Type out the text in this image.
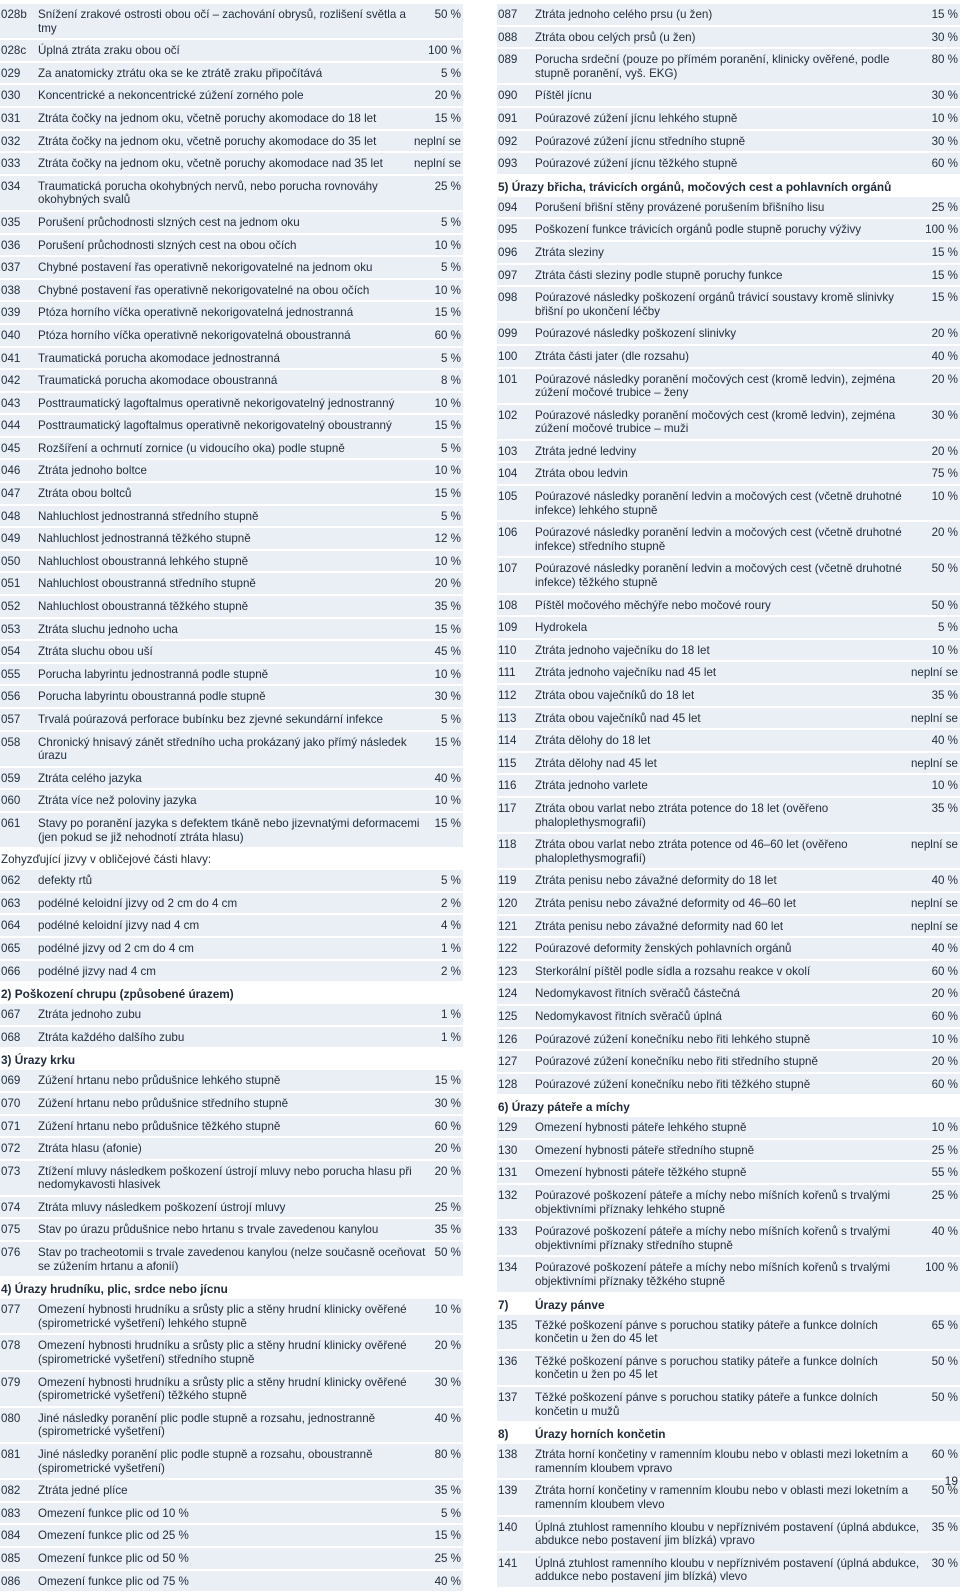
028b Snížení zrakové ostrosti obou očí – zachování obrysů, rozlišení světla a tmy
50 %
028c	Úplná ztráta zraku obou očí	100 %
029	Za anatomicky ztrátu oka se ke ztrátě zraku připočítává	5 %
030	Koncentrické a nekoncentrické zúžení zorného pole	20 %
031	Ztráta čočky na jednom oku, včetně poruchy akomodace do 18 let	15 %
032	Ztráta čočky na jednom oku, včetně poruchy akomodace do 35 let	neplní se
033	Ztráta čočky na jednom oku, včetně poruchy akomodace nad 35 let	neplní se
034	Traumatická porucha okohybných nervů, nebo porucha rovnováhy okohybných svalů
25 %
035	Porušení průchodnosti slzných cest na jednom oku	5 %
036	Porušení průchodnosti slzných cest na obou očích	10 %
037	Chybné postavení řas operativně nekorigovatelné na jednom oku	5 %
038	Chybné postavení řas operativně nekorigovatelné na obou očích	10 %
039	Ptóza horního víčka operativně nekorigovatelná jednostranná	15 %
040	Ptóza horního víčka operativně nekorigovatelná oboustranná	60 %
041	Traumatická porucha akomodace jednostranná	5 %
042	Traumatická porucha akomodace oboustranná	8 %
043	Posttraumatický lagoftalmus operativně nekorigovatelný jednostranný	10 %
044	Posttraumatický lagoftalmus operativně nekorigovatelný oboustranný	15 %
045	Rozšíření a ochrnutí zornice (u vidoucího oka) podle stupně	5 %
046	Ztráta jednoho boltce	10 %
047	Ztráta obou boltců	15 %
048	Nahluchlost jednostranná středního stupně	5 %
049	Nahluchlost jednostranná těžkého stupně	12 %
050	Nahluchlost oboustranná lehkého stupně	10 %
051	Nahluchlost oboustranná středního stupně	20 %
052	Nahluchlost oboustranná těžkého stupně	35 %
053	Ztráta sluchu jednoho ucha	15 %
054	Ztráta sluchu obou uší	45 %
055	Porucha labyrintu jednostranná podle stupně	10 %
056	Porucha labyrintu oboustranná podle stupně	30 %
057	Trvalá poúrazová perforace bubínku bez zjevné sekundární infekce	5 %
058	Chronický hnisavý zánět středního ucha prokázaný jako přímý následek úrazu
15 %
059	Ztráta celého jazyka	40 %
060	Ztráta více než poloviny jazyka	10 %
061	Stavy po poranění jazyka s defektem tkáně nebo jizevnatými deformacemi (jen pokud se již nehodnotí ztráta hlasu)
15 %
Zohyzďující jizvy v obličejové části hlavy:
062	defekty rtů	5 %
063	podélné keloidní jizvy od 2 cm do 4 cm	2 %
064	podélné keloidní jizvy nad 4 cm	4 %
065	podélné jizvy od 2 cm do 4 cm	1 %
066	podélné jizvy nad 4 cm	2 %
2) Poškození chrupu (způsobené úrazem)
067	Ztráta jednoho zubu	1 %
068	Ztráta každého dalšího zubu	1 %
3) Úrazy krku
069	Zúžení hrtanu nebo průdušnice lehkého stupně	15 %
070	Zúžení hrtanu nebo průdušnice středního stupně	30 %
071	Zúžení hrtanu nebo průdušnice těžkého stupně	60 %
072	Ztráta hlasu (afonie)	20 %
073	Ztížení mluvy následkem poškození ústrojí mluvy nebo porucha hlasu při nedomykavosti hlasivek
20 %
074	Ztráta mluvy následkem poškození ústrojí mluvy	25 %
075	Stav po úrazu průdušnice nebo hrtanu s trvale zavedenou kanylou	35 %
076	Stav po tracheotomii s trvale zavedenou kanylou (nelze současně oceňovat se zúžením hrtanu a afonií)
50 %
4) Úrazy hrudníku, plic, srdce nebo jícnu
077	Omezení hybnosti hrudníku a srůsty plic a stěny hrudní klinicky ověřené (spirometrické vyšetření) lehkého stupně
10 %
078	Omezení hybnosti hrudníku a srůsty plic a stěny hrudní klinicky ověřené (spirometrické vyšetření) středního stupně
20 %
079	Omezení hybnosti hrudníku a srůsty plic a stěny hrudní klinicky ověřené (spirometrické vyšetření) těžkého stupně
30 %
080	Jiné následky poranění plic podle stupně a rozsahu, jednostranně (spirometrické vyšetření)
40 %
081	Jiné následky poranění plic podle stupně a rozsahu, oboustranně (spirometrické vyšetření)
80 %
082	Ztráta jedné plíce	35 %
083	Omezení funkce plic od 10 %	5 %
084	Omezení funkce plic od 25 %	15 %
085	Omezení funkce plic od 50 %	25 %
086	Omezení funkce plic od 75 %	40 %
087	Ztráta jednoho celého prsu (u žen)	15 %
088	Ztráta obou celých prsů (u žen)	30 %
089	Porucha srdeční (pouze po přímém poranění, klinicky ověřené, podle stupně poranění, vyš. EKG)
80 %
090	Píštěl jícnu	30 %
091	Poúrazové zúžení jícnu lehkého stupně	10 %
092	Poúrazové zúžení jícnu středního stupně	30 %
093	Poúrazové zúžení jícnu těžkého stupně	60 %
5) Úrazy břicha, trávicích orgánů, močových cest a pohlavních orgánů
094	Porušení břišní stěny provázené porušením břišního lisu	25 %
095	Poškození funkce trávicích orgánů podle stupně poruchy výživy	100 %
096	Ztráta sleziny	15 %
097	Ztráta části sleziny podle stupně poruchy funkce	15 %
098	Poúrazové následky poškození orgánů trávicí soustavy kromě slinivky břišní po ukončení léčby
15 %
099	Poúrazové následky poškození slinivky	20 %
100	Ztráta části jater (dle rozsahu)	40 %
101	Poúrazové následky poranění močových cest (kromě ledvin), zejména zúžení močové trubice – ženy
20 %
102	Poúrazové následky poranění močových cest (kromě ledvin), zejména zúžení močové trubice – muži
30 %
103	Ztráta jedné ledviny	20 %
104	Ztráta obou ledvin	75 %
105	Poúrazové následky poranění ledvin a močových cest (včetně druhotné infekce) lehkého stupně
10 %
106	Poúrazové následky poranění ledvin a močových cest (včetně druhotné infekce) středního stupně
20 %
107	Poúrazové následky poranění ledvin a močových cest (včetně druhotné infekce) těžkého stupně
50 %
108	Píštěl močového měchýře nebo močové roury	50 %
109	Hydrokela	5 %
110	Ztráta jednoho vaječníku do 18 let	10 %
111	Ztráta jednoho vaječníku nad 45 let	neplní se
112	Ztráta obou vaječníků do 18 let	35 %
113	Ztráta obou vaječníků nad 45 let	neplní se
114	Ztráta dělohy do 18 let	40 %
115	Ztráta dělohy nad 45 let	neplní se
116	Ztráta jednoho varlete	10 %
117	Ztráta obou varlat nebo ztráta potence do 18 let (ověřeno phaloplethysmografií)
35 %
118	Ztráta obou varlat nebo ztráta potence od 46–60 let (ověřeno phaloplethysmografií)
neplní se
119	Ztráta penisu nebo závažné deformity do 18 let	40 %
120	Ztráta penisu nebo závažné deformity od 46–60 let	neplní se
121	Ztráta penisu nebo závažné deformity nad 60 let	neplní se
122	Poúrazové deformity ženských pohlavních orgánů	40 %
123	Sterkorální píštěl podle sídla a rozsahu reakce v okolí	60 %
124	Nedomykavost řitních svěračů částečná	20 %
125	Nedomykavost řitních svěračů úplná	60 %
126	Poúrazové zúžení konečníku nebo řiti lehkého stupně	10 %
127	Poúrazové zúžení konečníku nebo řiti středního stupně	20 %
128	Poúrazové zúžení konečníku nebo řiti těžkého stupně	60 %
6) Úrazy páteře a míchy
129	Omezení hybnosti páteře lehkého stupně	10 %
130	Omezení hybnosti páteře středního stupně	25 %
131	Omezení hybnosti páteře těžkého stupně	55 %
132	Poúrazové poškození páteře a míchy nebo míšních kořenů s trvalými objektivními příznaky lehkého stupně
25 %
133	Poúrazové poškození páteře a míchy nebo míšních kořenů s trvalými objektivními příznaky středního stupně
40 %
134	Poúrazové poškození páteře a míchy nebo míšních kořenů s trvalými objektivními příznaky těžkého stupně
100 %
7)	Úrazy pánve
135	Těžké poškození pánve s poruchou statiky páteře a funkce dolních končetin u žen do 45 let
65 %
136	Těžké poškození pánve s poruchou statiky páteře a funkce dolních končetin u žen po 45 let
50 %
137	Těžké poškození pánve s poruchou statiky páteře a funkce dolních končetin u mužů
50 %
8)	Úrazy horních končetin
138	Ztráta horní končetiny v ramenním kloubu nebo v oblasti mezi loketním a ramenním kloubem vpravo
60 %
139	Ztráta horní končetiny v ramenním kloubu nebo v oblasti mezi loketním a ramenním kloubem vlevo
50 %
140	Úplná ztuhlost ramenního kloubu v nepříznivém postavení (úplná abdukce, abdukce nebo postavení jim blízká) vpravo
35 %
141	Úplná ztuhlost ramenního kloubu v nepříznivém postavení (úplná abdukce, addukce nebo postavení jim blízká) vlevo
30 %
19
